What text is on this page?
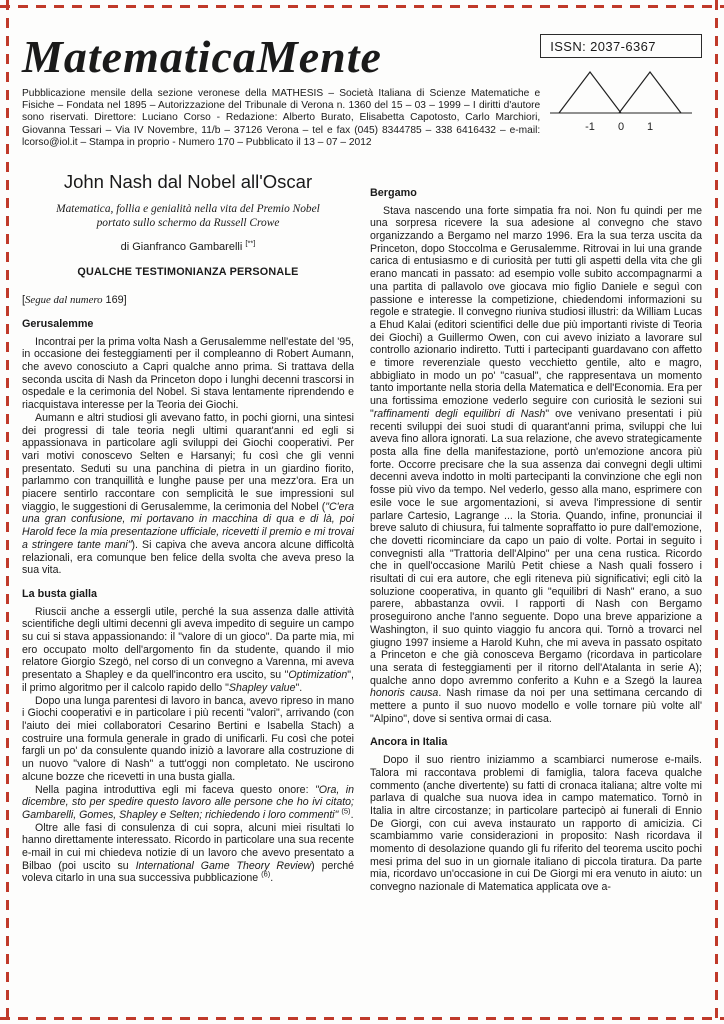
MatematicaMente
Pubblicazione mensile della sezione veronese della MATHESIS – Società Italiana di Scienze Matematiche e Fisiche – Fondata nel 1895 – Autorizzazione del Tribunale di Verona n. 1360 del 15 – 03 – 1999 – I diritti d'autore sono riservati. Direttore: Luciano Corso - Redazione: Alberto Burato, Elisabetta Capotosto, Carlo Marchiori, Giovanna Tessari – Via IV Novembre, 11/b – 37126 Verona – tel e fax (045) 8344785 – 338 6416432 – e-mail: lcorso@iol.it – Stampa in proprio - Numero 170 – Pubblicato il 13 – 07 – 2012
ISSN: 2037-6367
-1 0 1
John Nash dal Nobel all'Oscar
Matematica, follia e genialità nella vita del Premio Nobel portato sullo schermo da Russell Crowe
di Gianfranco Gambarelli [**]
QUALCHE TESTIMONIANZA PERSONALE
[Segue dal numero 169]
Gerusalemme

Incontrai per la prima volta Nash a Gerusalemme nell'estate del '95, in occasione dei festeggiamenti per il compleanno di Robert Aumann, che avevo conosciuto a Capri qualche anno prima. Si trattava della seconda uscita di Nash da Princeton dopo i lunghi decenni trascorsi in ospedale e la cerimonia del Nobel. Si stava lentamente riprendendo e riacquistava interesse per la Teoria dei Giochi.

Aumann e altri studiosi gli avevano fatto, in pochi giorni, una sintesi dei progressi di tale teoria negli ultimi quarant'anni ed egli si appassionava in particolare agli sviluppi dei Giochi cooperativi. Per vari motivi conoscevo Selten e Harsanyi; fu così che gli venni presentato. Seduti su una panchina di pietra in un giardino fiorito, parlammo con tranquillità e lunghe pause per una mezz'ora. Era un piacere sentirlo raccontare con semplicità le sue impressioni sul viaggio, le suggestioni di Gerusalemme, la cerimonia del Nobel ("C'era una gran confusione, mi portavano in macchina di qua e di là, poi Harold fece la mia presentazione ufficiale, ricevetti il premio e mi trovai a stringere tante mani"). Si capiva che aveva ancora alcune difficoltà relazionali, era comunque ben felice della svolta che aveva preso la sua vita.

La busta gialla

Riuscii anche a essergli utile, perché la sua assenza dalle attività scientifiche degli ultimi decenni gli aveva impedito di seguire un campo su cui si stava appassionando: il "valore di un gioco". Da parte mia, mi ero occupato molto dell'argomento fin da studente, quando il mio relatore Giorgio Szegö, nel corso di un convegno a Varenna, mi aveva presentato a Shapley e da quell'incontro era uscito, su "Optimization", il primo algoritmo per il calcolo rapido dello "Shapley value".

Dopo una lunga parentesi di lavoro in banca, avevo ripreso in mano i Giochi cooperativi e in particolare i più recenti "valori", arrivando (con l'aiuto dei miei collaboratori Cesarino Bertini e Isabella Stach) a costruire una formula generale in grado di unificarli. Fu così che potei fargli un po' da consulente quando iniziò a lavorare alla costruzione di un nuovo "valore di Nash" a tutt'oggi non completato. Ne uscirono alcune bozze che ricevetti in una busta gialla.

Nella pagina introduttiva egli mi faceva questo onore: "Ora, in dicembre, sto per spedire questo lavoro alle persone che ho ivi citato; Gambarelli, Gomes, Shapley e Selten; richiedendo i loro commenti" $^{(5)}$.

Oltre alle fasi di consulenza di cui sopra, alcuni miei risultati lo hanno direttamente interessato. Ricordo in particolare una sua recente e-mail in cui mi chiedeva notizie di un lavoro che avevo presentato a Bilbao (poi uscito su International Game Theory Review) perché voleva citarlo in una sua successiva pubblicazione $^{(6)}$.

Bergamo

Stava nascendo una forte simpatia fra noi. Non fu quindi per me una sorpresa ricevere la sua adesione al convegno che stavo organizzando a Bergamo nel marzo 1996. Era la sua terza uscita da Princeton, dopo Stoccolma e Gerusalemme. Ritrovai in lui una grande carica di entusiasmo e di curiosità per tutti gli aspetti della vita che gli erano mancati in passato: ad esempio volle subito accompagnarmi a una partita di pallavolo ove giocava mio figlio Daniele e seguì con passione e interesse la competizione, chiedendomi informazioni su regole e strategie. Il convegno riuniva studiosi illustri: da William Lucas a Ehud Kalai (editori scientifici delle due più importanti riviste di Teoria dei Giochi) a Guillermo Owen, con cui avevo iniziato a lavorare sul controllo azionario indiretto. Tutti i partecipanti guardavano con affetto e timore reverenziale questo vecchietto gentile, alto e magro, abbigliato in modo un po' "casual", che rappresentava un momento tanto importante nella storia della Matematica e dell'Economia. Era per una fortissima emozione vederlo seguire con curiosità le sezioni sui "raffinamenti degli equilibri di Nash" ove venivano presentati i più recenti sviluppi dei suoi studi di quarant'anni prima, sviluppi che lui aveva fino allora ignorati. La sua relazione, che avevo strategicamente posta alla fine della manifestazione, portò un'emozione ancora più forte. Occorre precisare che la sua assenza dai convegni degli ultimi decenni aveva indotto in molti partecipanti la convinzione che egli non fosse più vivo da tempo. Nel vederlo, gesso alla mano, esprimere con esile voce le sue argomentazioni, si aveva l'impressione di sentir parlare Cartesio, Lagrange ... la Storia. Quando, infine, pronunciai il breve saluto di chiusura, fui talmente sopraffatto io pure dall'emozione, che dovetti ricominciare da capo un paio di volte. Portai in seguito i convegnisti alla "Trattoria dell'Alpino" per una cena rustica. Ricordo che in quell'occasione Marilù Petit chiese a Nash quali fossero i risultati di cui era autore, che egli riteneva più significativi; egli citò la soluzione cooperativa, in quanto gli "equilibri di Nash" erano, a suo parere, abbastanza ovvii. I rapporti di Nash con Bergamo proseguirono anche l'anno seguente. Dopo una breve apparizione a Washington, il suo quinto viaggio fu ancora qui. Tornò a trovarci nel giugno 1997 insieme a Harold Kuhn, che mi aveva in passato ospitato a Princeton e che già conosceva Bergamo (ricordava in particolare una serata di festeggiamenti per il ritorno dell'Atalanta in serie A); qualche anno dopo avremmo conferito a Kuhn e a Szegö la laurea honoris causa. Nash rimase da noi per una settimana cercando di mettere a punto il suo nuovo modello e volle tornare più volte all' "Alpino", dove si sentiva ormai di casa.

Ancora in Italia

Dopo il suo rientro iniziammo a scambiarci numerose e-mails. Talora mi raccontava problemi di famiglia, talora faceva qualche commento (anche divertente) su fatti di cronaca italiana; altre volte mi parlava di qualche sua nuova idea in campo matematico. Tornò in Italia in altre circostanze; in particolare partecipò ai funerali di Ennio De Giorgi, con cui aveva instaurato un rapporto di amicizia. Ci scambiammo varie considerazioni in proposito: Nash ricordava il momento di desolazione quando gli fu riferito del teorema uscito pochi mesi prima del suo in un giornale italiano di piccola tiratura. Da parte mia, ricordavo un'occasione in cui De Giorgi mi era venuto in aiuto: un convegno nazionale di Matematica applicata ove a-
